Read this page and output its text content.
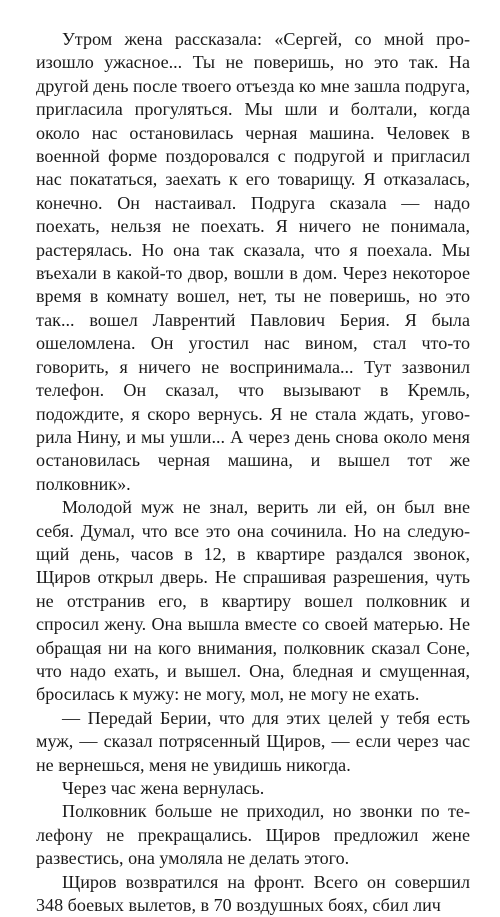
Утром жена рассказала: «Сергей, со мной произошло ужасное... Ты не поверишь, но это так. На другой день после твоего отъезда ко мне зашла подруга, пригласила прогуляться. Мы шли и болтали, когда около нас остановилась черная машина. Человек в военной форме поздоровался с подругой и пригласил нас покататься, заехать к его товарищу. Я отказалась, конечно. Он настаивал. Подруга сказала — надо поехать, нельзя не поехать. Я ничего не понимала, растерялась. Но она так сказала, что я поехала. Мы въехали в какой-то двор, вошли в дом. Через некоторое время в комнату вошел, нет, ты не поверишь, но это так... вошел Лаврентий Павлович Берия. Я была ошеломлена. Он угостил нас вином, стал что-то говорить, я ничего не воспринимала... Тут зазвонил телефон. Он сказал, что вызывают в Кремль, подождите, я скоро вернусь. Я не стала ждать, уговорила Нину, и мы ушли... А через день снова около меня остановилась черная машина, и вышел тот же полковник».

Молодой муж не знал, верить ли ей, он был вне себя. Думал, что все это она сочинила. Но на следующий день, часов в 12, в квартире раздался звонок, Щиров открыл дверь. Не спрашивая разрешения, чуть не отстранив его, в квартиру вошел полковник и спросил жену. Она вышла вместе со своей матерью. Не обращая ни на кого внимания, полковник сказал Соне, что надо ехать, и вышел. Она, бледная и смущенная, бросилась к мужу: не могу, мол, не могу не ехать.

— Передай Берии, что для этих целей у тебя есть муж, — сказал потрясенный Щиров, — если через час не вернешься, меня не увидишь никогда.

Через час жена вернулась.

Полковник больше не приходил, но звонки по телефону не прекращались. Щиров предложил жене развестись, она умоляла не делать этого.

Щиров возвратился на фронт. Всего он совершил 348 боевых вылетов, в 70 воздушных боях, сбил лич
